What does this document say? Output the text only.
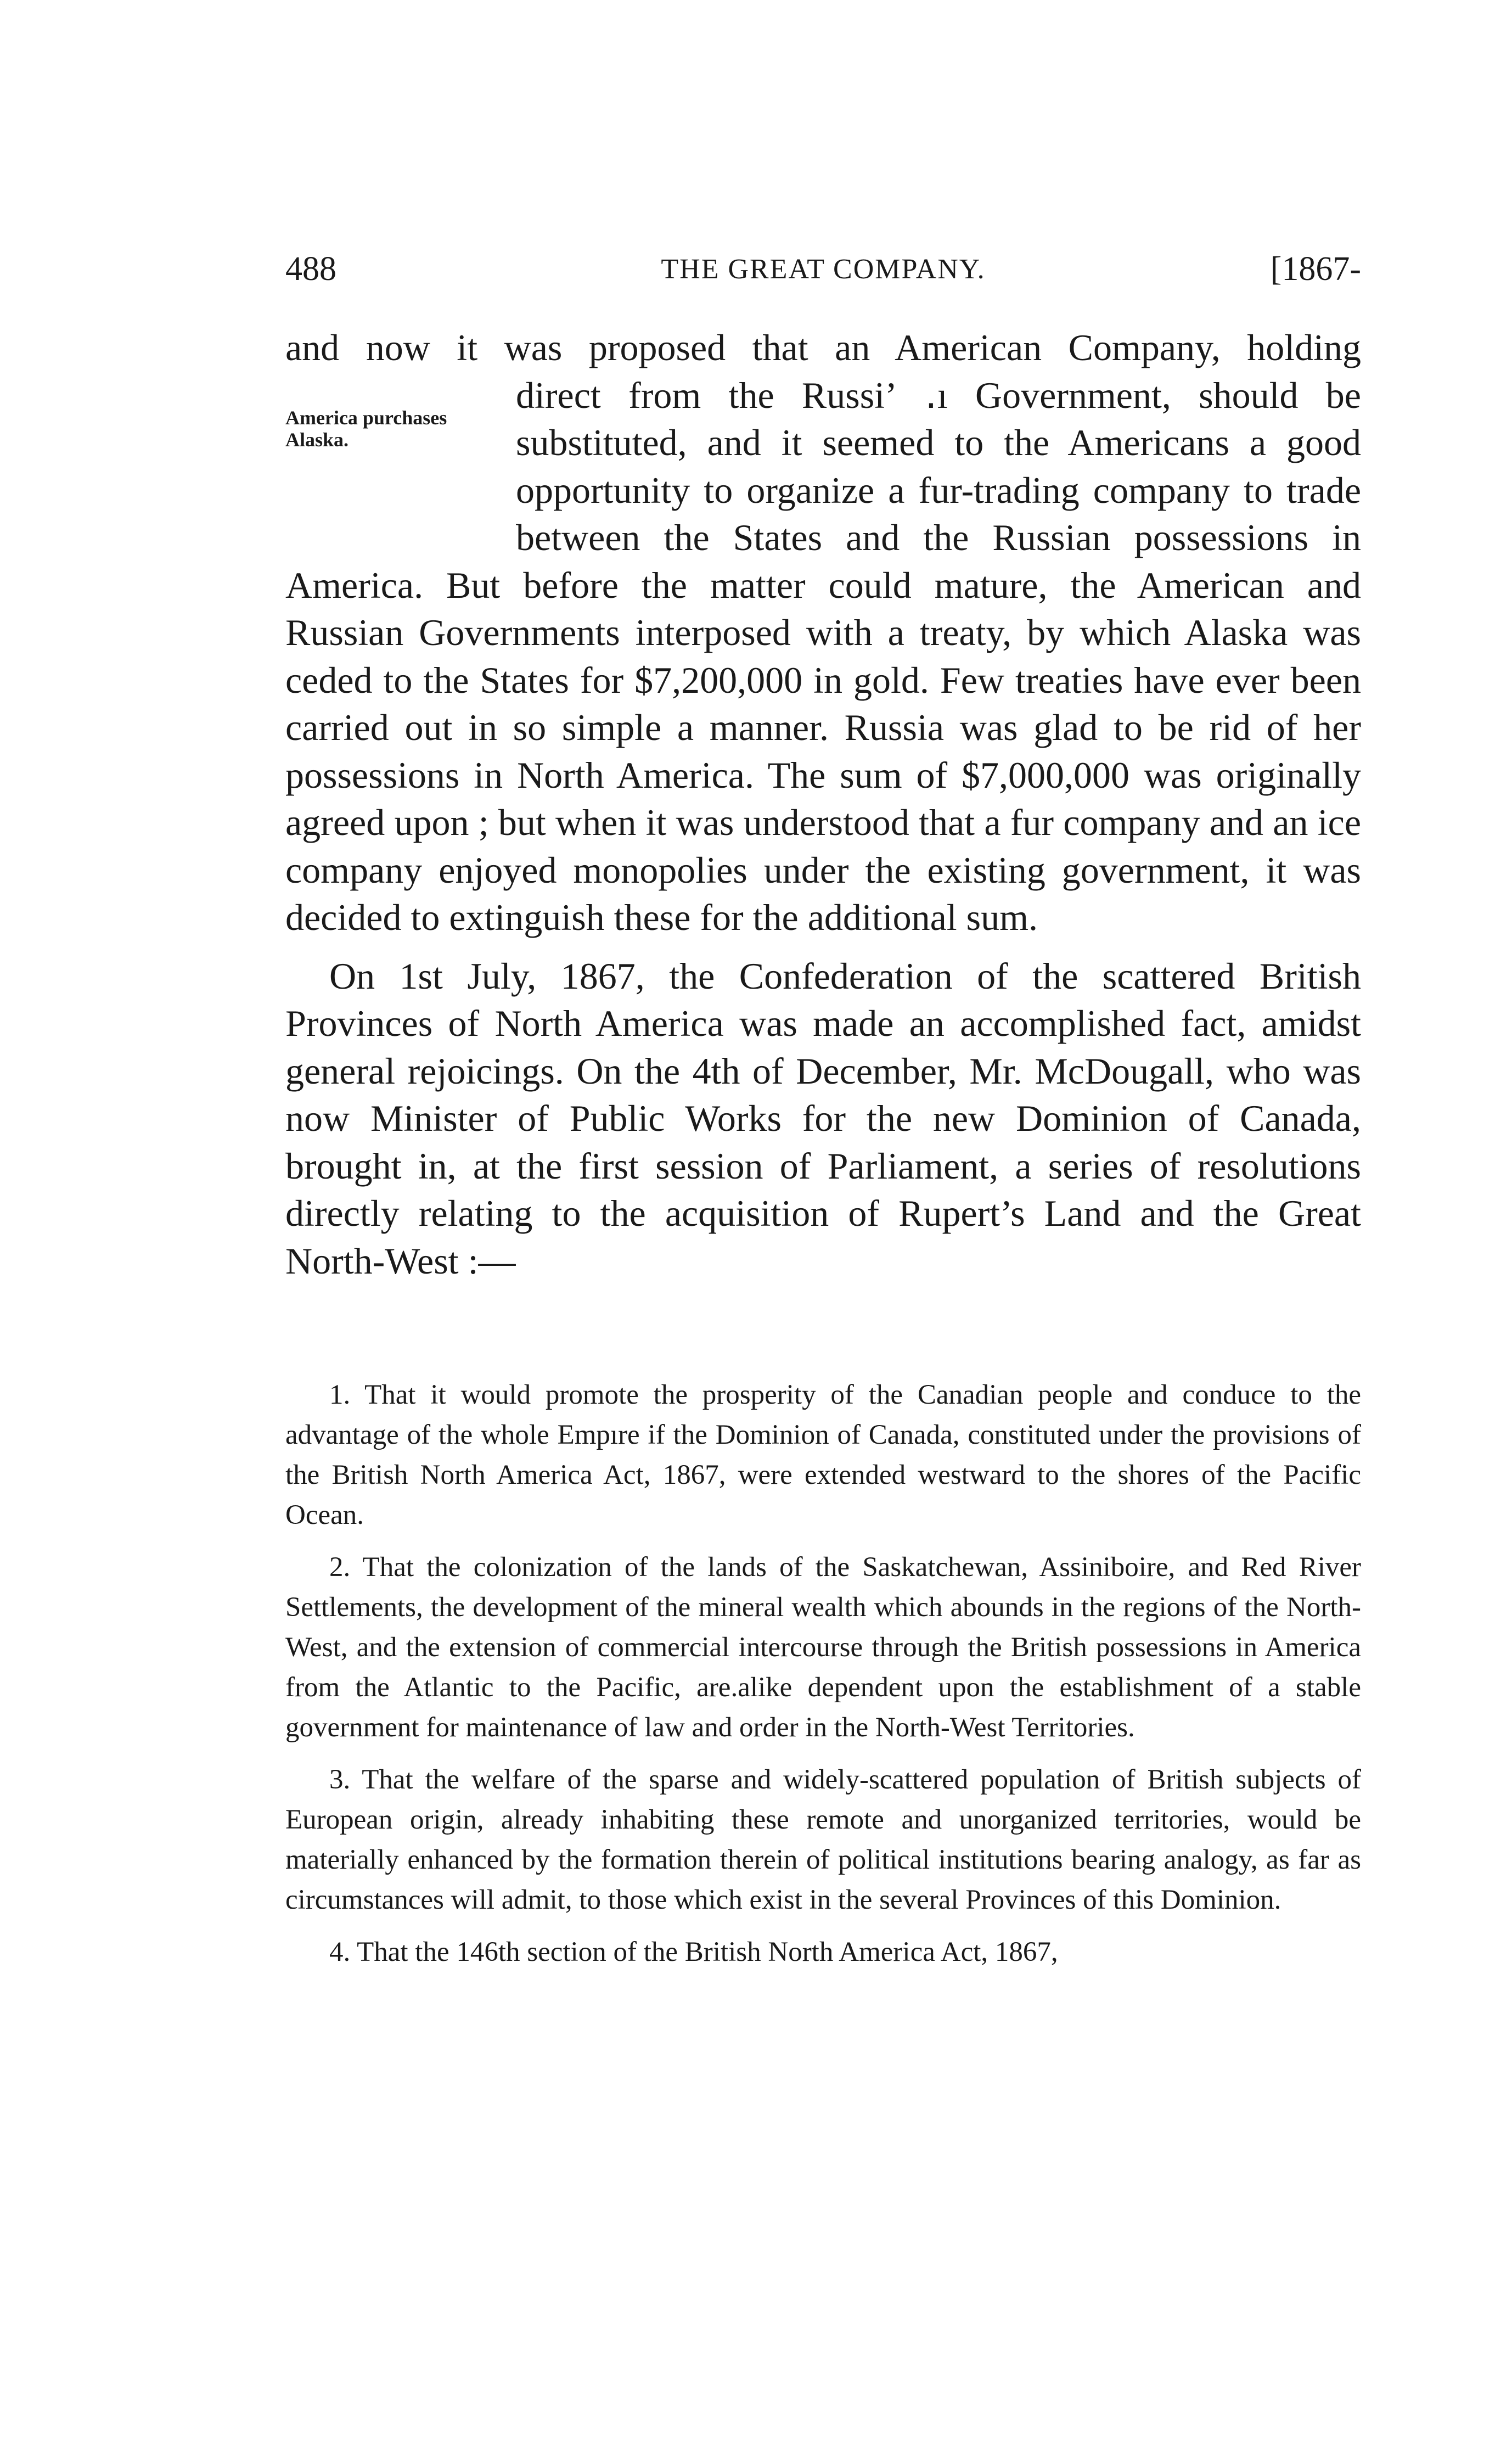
488	THE GREAT COMPANY.	[1867-

and now it was proposed that an American Company, holding
America purchases Alaska.
direct from the Russiʼ ․ı Government, should be substituted, and it seemed to the Americans a good opportunity to organize a fur-trading company to trade between the States and the Russian possessions in America. But before the matter could mature, the American and Russian Governments interposed with a treaty, by which Alaska was ceded to the States for $7,200,000 in gold. Few treaties have ever been carried out in so simple a manner. Russia was glad to be rid of her possessions in North America. The sum of $7,000,000 was originally agreed upon ; but when it was understood that a fur company and an ice company enjoyed monopolies under the existing government, it was decided to extinguish these for the additional sum.

On 1st July, 1867, the Confederation of the scattered British Provinces of North America was made an accomplished fact, amidst general rejoicings. On the 4th of December, Mr. McDougall, who was now Minister of Public Works for the new Dominion of Canada, brought in, at the first session of Parliament, a series of resolutions directly relating to the acquisition of Rupert’s Land and the Great North-West :—

1. That it would promote the prosperity of the Canadian people and conduce to the advantage of the whole Empıre if the Dominion of Canada, constituted under the provisions of the British North America Act, 1867, were extended westward to the shores of the Pacific Ocean.

2. That the colonization of the lands of the Saskatchewan, Assiniboire, and Red River Settlements, the development of the mineral wealth which abounds in the regions of the North-West, and the extension of commercial intercourse through the British possessions in America from the Atlantic to the Pacific, are.alike dependent upon the establishment of a stable government for maintenance of law and order in the North-West Territories.

3. That the welfare of the sparse and widely-scattered population of British subjects of European origin, already inhabiting these remote and unorganized territories, would be materially enhanced by the formation therein of political institutions bearing analogy, as far as circumstances will admit, to those which exist in the several Provinces of this Dominion.

4. That the 146th section of the British North America Act, 1867,
